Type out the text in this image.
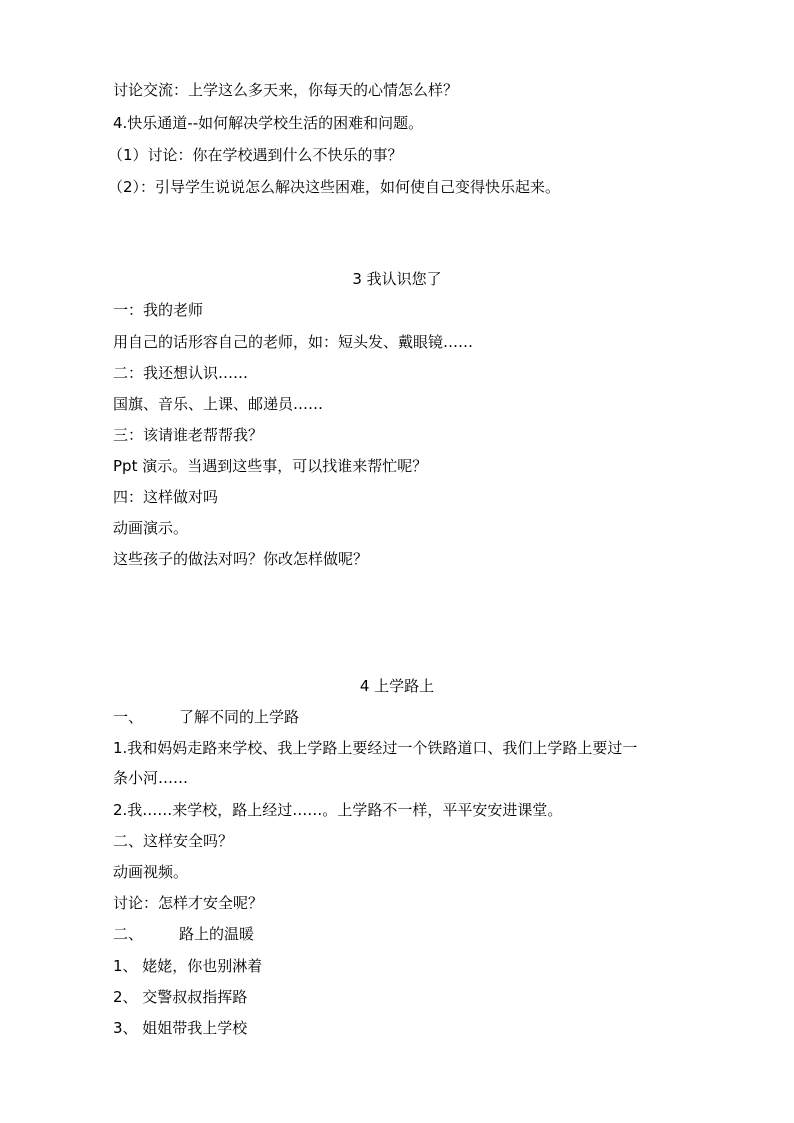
讨论交流：上学这么多天来，你每天的心情怎么样？
4.快乐通道--如何解决学校生活的困难和问题。
（1）讨论：你在学校遇到什么不快乐的事？
（2）：引导学生说说怎么解决这些困难，如何使自己变得快乐起来。
3 我认识您了
一：我的老师
用自己的话形容自己的老师，如：短头发、戴眼镜……
二：我还想认识……
国旗、音乐、上课、邮递员……
三：该请谁老帮帮我？
Ppt 演示。当遇到这些事，可以找谁来帮忙呢？
四：这样做对吗
动画演示。
这些孩子的做法对吗？你改怎样做呢？
4 上学路上
一、 了解不同的上学路
1.我和妈妈走路来学校、我上学路上要经过一个铁路道口、我们上学路上要过一
条小河……
2.我……来学校，路上经过……。上学路不一样，平平安安进课堂。
二、这样安全吗？
动画视频。
讨论：怎样才安全呢？
二、 路上的温暖
1、 姥姥，你也别淋着
2、 交警叔叔指挥路
3、 姐姐带我上学校
